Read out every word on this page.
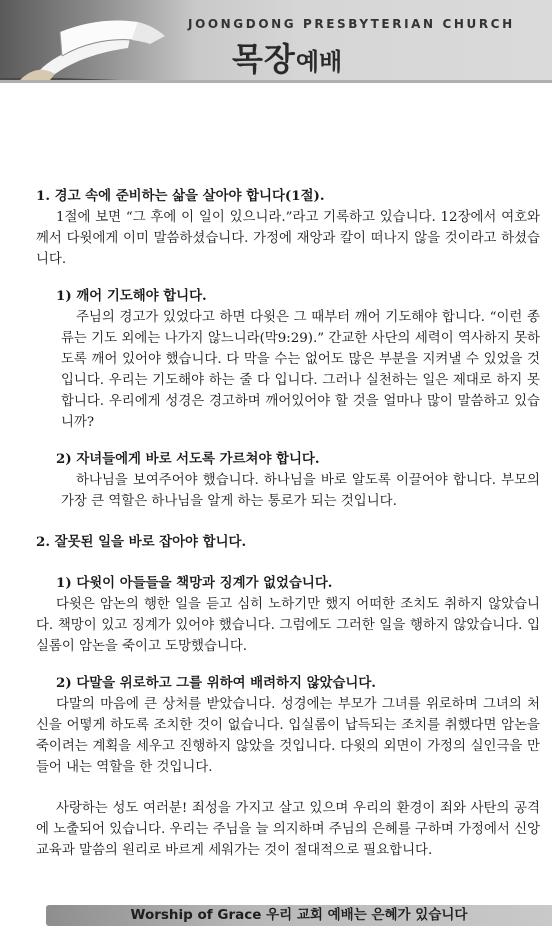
JOONGDONG PRESBYTERIAN CHURCH
목장예배

1. 경고 속에 준비하는 삶을 살아야 합니다(1절).

1절에 보면 “그 후에 이 일이 있으니라.”라고 기록하고 있습니다. 12장에서 여호와께서 다윗에게 이미 말씀하셨습니다. 가정에 재앙과 칼이 떠나지 않을 것이라고 하셨습니다.

1) 깨어 기도해야 합니다.

주님의 경고가 있었다고 하면 다윗은 그 때부터 깨어 기도해야 합니다. “이런 종류는 기도 외에는 나가지 않느니라(막9:29).” 간교한 사단의 세력이 역사하지 못하도록 깨어 있어야 했습니다. 다 막을 수는 없어도 많은 부분을 지켜낼 수 있었을 것입니다. 우리는 기도해야 하는 줄 다 입니다. 그러나 실천하는 일은 제대로 하지 못합니다. 우리에게 성경은 경고하며 깨어있어야 할 것을 얼마나 많이 말씀하고 있습니까?

2) 자녀들에게 바로 서도록 가르쳐야 합니다.

하나님을 보여주어야 했습니다. 하나님을 바로 알도록 이끌어야 합니다. 부모의 가장 큰 역할은 하나님을 알게 하는 통로가 되는 것입니다.

2. 잘못된 일을 바로 잡아야 합니다.

1) 다윗이 아들들을 책망과 징계가 없었습니다.

다윗은 암논의 행한 일을 듣고 심히 노하기만 했지 어떠한 조치도 취하지 않았습니다. 책망이 있고 징계가 있어야 했습니다. 그럼에도 그러한 일을 행하지 않았습니다. 입실롬이 암논을 죽이고 도망했습니다.

2) 다말을 위로하고 그를 위하여 배려하지 않았습니다.

다말의 마음에 큰 상처를 받았습니다. 성경에는 부모가 그녀를 위로하며 그녀의 처신을 어떻게 하도록 조치한 것이 없습니다. 입실롬이 납득되는 조치를 취했다면 암논을 죽이려는 계획을 세우고 진행하지 않았을 것입니다. 다윗의 외면이 가정의 실인극을 만들어 내는 역할을 한 것입니다.

사랑하는 성도 여러분! 죄성을 가지고 살고 있으며 우리의 환경이 죄와 사탄의 공격에 노출되어 있습니다. 우리는 주님을 늘 의지하며 주님의 은혜를 구하며 가정에서 신앙 교육과 말씀의 원리로 바르게 세워가는 것이 절대적으로 필요합니다.

Worship of Grace 우리 교회 예배는 은혜가 있습니다
